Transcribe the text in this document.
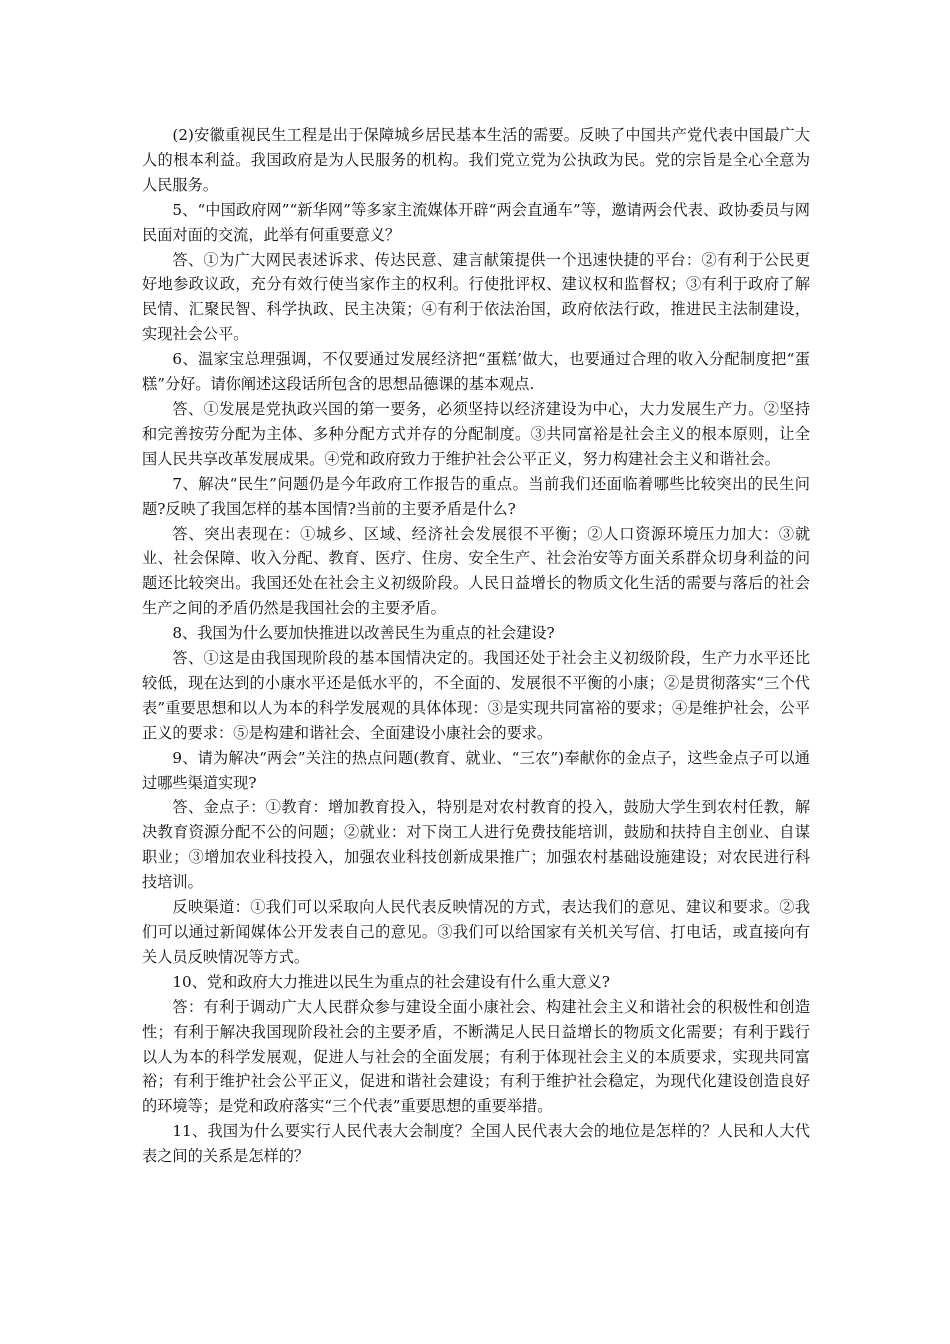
(2)安徽重视民生工程是出于保障城乡居民基本生活的需要。反映了中国共产党代表中国最广大人的根本利益。我国政府是为人民服务的机构。我们党立党为公执政为民。党的宗旨是全心全意为人民服务。

5、“中国政府网”“新华网”等多家主流媒体开辟“两会直通车”等，邀请两会代表、政协委员与网民面对面的交流，此举有何重要意义？

答、①为广大网民表述诉求、传达民意、建言献策提供一个迅速快捷的平台：②有利于公民更好地参政议政，充分有效行使当家作主的权利。行使批评权、建议权和监督权；③有利于政府了解民情、汇聚民智、科学执政、民主决策；④有利于依法治国，政府依法行政，推进民主法制建设，实现社会公平。

6、温家宝总理强调，不仅要通过发展经济把“蛋糕’做大，也要通过合理的收入分配制度把“蛋糕”分好。请你阐述这段话所包含的思想品德课的基本观点.

答、①发展是党执政兴国的第一要务，必须坚持以经济建设为中心，大力发展生产力。②坚持和完善按劳分配为主体、多种分配方式并存的分配制度。③共同富裕是社会主义的根本原则，让全国人民共享改革发展成果。④党和政府致力于维护社会公平正义，努力构建社会主义和谐社会。

7、解决“民生”问题仍是今年政府工作报告的重点。当前我们还面临着哪些比较突出的民生问题?反映了我国怎样的基本国情?当前的主要矛盾是什么?

答、突出表现在：①城乡、区域、经济社会发展很不平衡；②人口资源环境压力加大：③就业、社会保障、收入分配、教育、医疗、住房、安全生产、社会治安等方面关系群众切身利益的问题还比较突出。我国还处在社会主义初级阶段。人民日益增长的物质文化生活的需要与落后的社会生产之间的矛盾仍然是我国社会的主要矛盾。

8、我国为什么要加快推进以改善民生为重点的社会建设?

答、①这是由我国现阶段的基本国情决定的。我国还处于社会主义初级阶段，生产力水平还比较低，现在达到的小康水平还是低水平的，不全面的、发展很不平衡的小康；②是贯彻落实“三个代表”重要思想和以人为本的科学发展观的具体体现：③是实现共同富裕的要求；④是维护社会，公平正义的要求：⑤是构建和谐社会、全面建设小康社会的要求。

9、请为解决“两会”关注的热点问题(教育、就业、“三农”)奉献你的金点子，这些金点子可以通过哪些渠道实现?

答、金点子：①教育：增加教育投入，特别是对农村教育的投入，鼓励大学生到农村任教，解决教育资源分配不公的问题；②就业：对下岗工人进行免费技能培训，鼓励和扶持自主创业、自谋职业；③增加农业科技投入，加强农业科技创新成果推广；加强农村基础设施建设；对农民进行科技培训。

反映渠道：①我们可以采取向人民代表反映情况的方式，表达我们的意见、建议和要求。②我们可以通过新闻媒体公开发表自己的意见。③我们可以给国家有关机关写信、打电话，或直接向有关人员反映情况等方式。

10、党和政府大力推进以民生为重点的社会建设有什么重大意义?

答：有利于调动广大人民群众参与建设全面小康社会、构建社会主义和谐社会的积极性和创造性；有利于解决我国现阶段社会的主要矛盾，不断满足人民日益增长的物质文化需要；有利于践行以人为本的科学发展观，促进人与社会的全面发展；有利于体现社会主义的本质要求，实现共同富裕；有利于维护社会公平正义，促进和谐社会建设；有利于维护社会稳定，为现代化建设创造良好的环境等；是党和政府落实“三个代表”重要思想的重要举措。

11、我国为什么要实行人民代表大会制度？全国人民代表大会的地位是怎样的？人民和人大代表之间的关系是怎样的？
